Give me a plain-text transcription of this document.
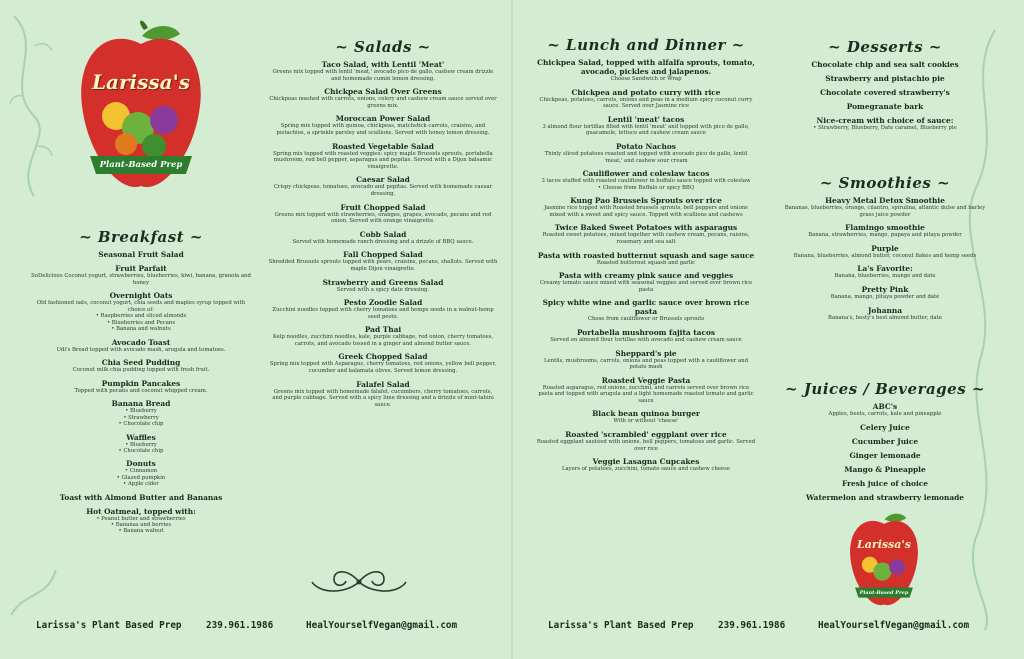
Larissa's
Plant-Based Prep
~ Breakfast ~
Seasonal Fruit Salad
Fruit Parfait
SoDelicious Coconut yogurt, strawberries, blueberries, kiwi, banana, granola and honey
Overnight Oats
Old fashioned oats, coconut yogurt, chia seeds and maples syrup topped with choice of:
• Raspberries and sliced almonds
• Blueberries and Pecans
• Banana and walnuts
Avocado Toast
Udi's Bread topped with avocado mash, arugula and tomatoes.
Chia Seed Pudding
Coconut milk chia pudding topped with fresh fruit.
Pumpkin Pancakes
Topped with pecans and coconut whipped cream.
Banana Bread
• Blueberry
• Strawberry
• Chocolate chip
Waffles
• Blueberry
• Chocolate chip
Donuts
• Cinnamon
• Glazed pumpkin
• Apple cider
Toast with Almond Butter and Bananas
Hot Oatmeal, topped with:
• Peanut butter and strawberries
• Bananas and berries
• Banana walnut
~ Salads ~
Taco Salad, with Lentil 'Meat'
Greens mix topped with lentil 'meat,' avocado pico de gallo, cashew cream drizzle and homemade cumin lemon dressing.
Chickpea Salad Over Greens
Chickpeas mashed with carrots, onions, celery and cashew cream sauce served over greens mix.
Moroccan Power Salad
Spring mix topped with quinoa, chickpeas, matchstick carrots, craisins, and pistachios, a sprinkle parsley and scallions. Served with honey lemon dressing.
Roasted Vegetable Salad
Spring mix topped with roasted veggies: spicy maple Brussels sprouts, portabella mushroom, red bell pepper, asparagus and pepitas. Served with a Dijon balsamic vinaigrette.
Caesar Salad
Crispy chickpeas, tomatoes, avocado and pepitas. Served with homemade caesar dressing.
Fruit Chopped Salad
Greens mix topped with strawberries, oranges, grapes, avocado, pecans and red onion. Served with orange vinaigrette.
Cobb Salad
Served with homemade ranch dressing and a drizzle of BBQ sauce.
Fall Chopped Salad
Shredded Brussels sprouts topped with pears, craisins, pecans, shallots. Served with maple Dijon vinaigrette.
Strawberry and Greens Salad
Served with a spicy date dressing.
Pesto Zoodle Salad
Zucchini noodles topped with cherry tomatoes and hemps seeds in a walnut-hemp seed pesto.
Pad Thai
Kelp noodles, zucchini noodles, kale, purple cabbage, red onion, cherry tomatoes, carrots, and avocado tossed in a ginger and almond butter sauce.
Greek Chopped Salad
Spring mix topped with Asparagus, cherry tomatoes, red onions, yellow bell pepper, cucumber and kalamata olives. Served lemon dressing.
Falafel Salad
Greens mix topped with homemade falafel, cucumbers, cherry tomatoes, carrots, and purple cabbage. Served with a spicy lime dressing and a drizzle of mint-tahini sauce.
~ Lunch and Dinner ~
Chickpea Salad, topped with alfalfa sprouts, tomato, avocado, pickles and jalapenos.
Choose Sandwich or Wrap
Chickpea and potato curry with rice
Chickpeas, potatoes, carrots, onions and peas in a medium spicy coconut curry sauce. Served over Jasmine rice
Lentil 'meat' tacos
3 almond flour tortillas filled with lentil 'meat' and topped with pico de gallo, guacamole, lettuce and cashew cream sauce
Potato Nachos
Thinly sliced potatoes roasted and topped with avocado pico de gallo, lentil 'meat,' and cashew sour cream
Cauliflower and coleslaw tacos
3 tacos stuffed with roasted cauliflower in buffalo sauce topped with coleslaw
• Choose from Buffalo or spicy BBQ
Kung Pao Brussels Sprouts over rice
Jasmine rice topped with Roasted brussels sprouts, bell peppers and onions mixed with a sweet and spicy sauce. Topped with scallions and cashews
Twice Baked Sweet Potatoes with asparagus
Roasted sweet potatoes, mixed together with cashew cream, pecans, raisins, rosemary and sea salt
Pasta with roasted butternut squash and sage sauce
Roasted butternut squash and garlic
Pasta with creamy pink sauce and veggies
Creamy tomato sauce mixed with seasonal veggies and served over brown rice pasta
Spicy white wine and garlic sauce over brown rice pasta
Chose from cauliflower or Brussels sprouts
Portabella mushroom fajita tacos
Served on almond flour tortillas with avocado and cashew cream sauce
Sheppard's pie
Lentils, mushrooms, carrots, onions and peas topped with a cauliflower and potato mash
Roasted Veggie Pasta
Roasted asparagus, red onions, zucchini, and carrots served over brown rice pasta and topped with arugula and a light homemade roasted tomato and garlic sauce
Black bean quinoa burger
With or without 'cheese'
Roasted 'scrambled' eggplant over rice
Roasted eggplant sautéed with onions, bell peppers, tomatoes and garlic. Served over rice
Veggie Lasagna Cupcakes
Layers of potatoes, zucchini, tomato sauce and cashew cheese
~ Desserts ~
Chocolate chip and sea salt cookies
Strawberry and pistachio pie
Chocolate covered strawberry's
Pomegranate bark
Nice-cream with choice of sauce:
• Strawberry, Blueberry, Date caramel, Blueberry pie
~ Smoothies ~
Heavy Metal Detox Smoothie
Bananas, blueberries, orange, cilantro, spirulina, atlantic dulse and barley grass juice powder
Flamingo smoothie
Banana, strawberries, mango, papaya and pitaya powder
Purple
Banana, blueberries, almond butter, coconut flakes and hemp seeds
La's Favorite:
Banana, blueberries, mango and date
Pretty Pink
Banana, mango, pitaya powder and date
Johanna
Banana's, besty's best almond butter, date
~ Juices / Beverages ~
ABC's
Apples, beets, carrots, kale and pineapple
Celery Juice
Cucumber Juice
Ginger lemonade
Mango & Pineapple
Fresh juice of choice
Watermelon and strawberry lemonade
Larissa's
Plant-Based Prep
Larissa's Plant Based Prep	239.961.1986	HealYourselfVegan@gmail.com	Larissa's Plant Based Prep	239.961.1986	HealYourselfVegan@gmail.com
